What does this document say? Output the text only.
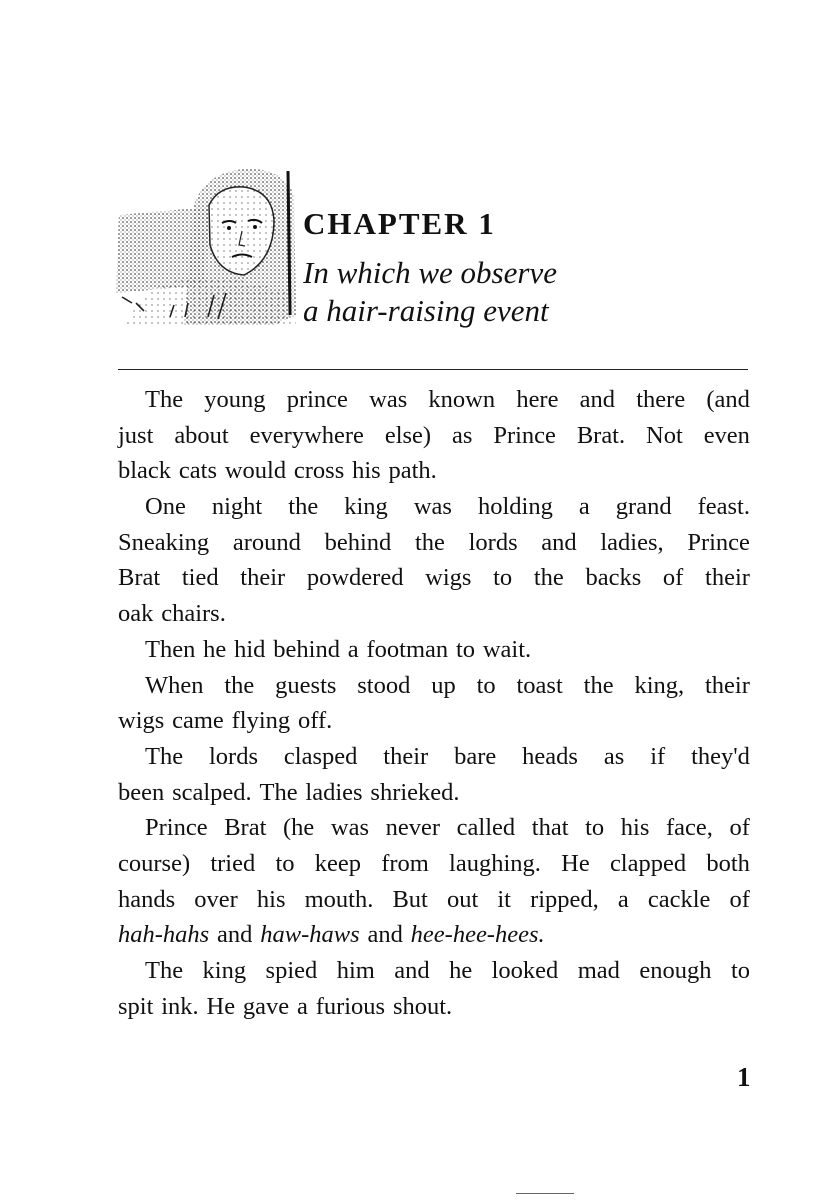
CHAPTER 1
In which we observe
a hair-raising event
The young prince was known here and there (and
just about everywhere else) as Prince Brat. Not even
black cats would cross his path.
One night the king was holding a grand feast.
Sneaking around behind the lords and ladies, Prince
Brat tied their powdered wigs to the backs of their
oak chairs.
Then he hid behind a footman to wait.
When the guests stood up to toast the king, their
wigs came flying off.
The lords clasped their bare heads as if they'd
been scalped. The ladies shrieked.
Prince Brat (he was never called that to his face, of
course) tried to keep from laughing. He clapped both
hands over his mouth. But out it ripped, a cackle of
hah-hahs and haw-haws and hee-hee-hees.
The king spied him and he looked mad enough to
spit ink. He gave a furious shout.
1
